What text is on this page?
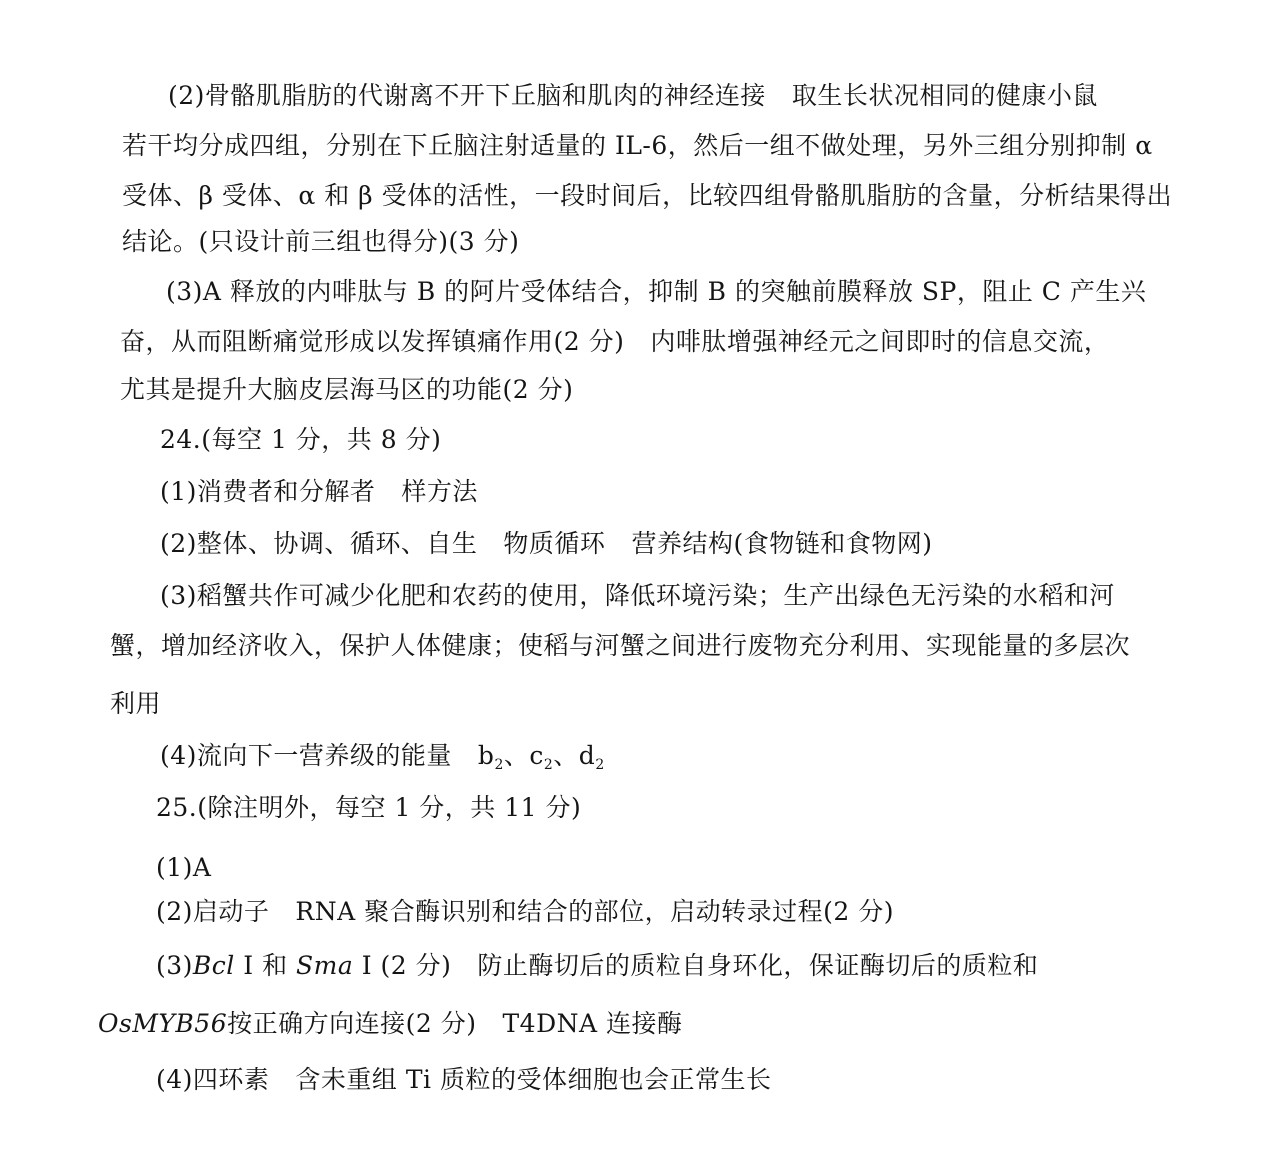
(2)骨骼肌脂肪的代谢离不开下丘脑和肌肉的神经连接 取生长状况相同的健康小鼠
若干均分成四组，分别在下丘脑注射适量的 IL-6，然后一组不做处理，另外三组分别抑制 α
受体、β 受体、α 和 β 受体的活性，一段时间后，比较四组骨骼肌脂肪的含量，分析结果得出
结论。(只设计前三组也得分)(3 分)
(3)A 释放的内啡肽与 B 的阿片受体结合，抑制 B 的突触前膜释放 SP，阻止 C 产生兴
奋，从而阻断痛觉形成以发挥镇痛作用(2 分) 内啡肽增强神经元之间即时的信息交流，
尤其是提升大脑皮层海马区的功能(2 分)
24.(每空 1 分，共 8 分)
(1)消费者和分解者 样方法
(2)整体、协调、循环、自生 物质循环 营养结构(食物链和食物网)
(3)稻蟹共作可减少化肥和农药的使用，降低环境污染；生产出绿色无污染的水稻和河
蟹，增加经济收入，保护人体健康；使稻与河蟹之间进行废物充分利用、实现能量的多层次
利用
(4)流向下一营养级的能量 $b_2$、$c_2$、$d_2$
25.(除注明外，每空 1 分，共 11 分)
(1)A
(2)启动子 RNA 聚合酶识别和结合的部位，启动转录过程(2 分)
(3)Bcl Ⅰ 和 Sma Ⅰ (2 分) 防止酶切后的质粒自身环化，保证酶切后的质粒和
OsMYB56按正确方向连接(2 分) T4DNA 连接酶
(4)四环素 含未重组 Ti 质粒的受体细胞也会正常生长
